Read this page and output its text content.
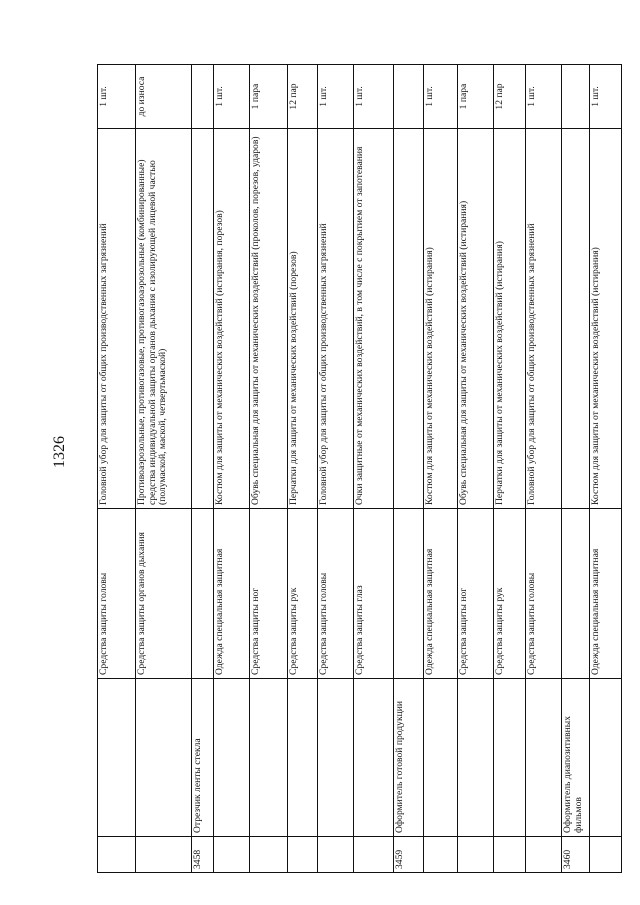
1326
		Средства защиты головы	Головной убор для защиты от общих производственных загрязнений	1 шт.
		Средства защиты органов дыхания	Противоаэрозольные, противогазовые, противогазоаэрозольные (комбинированные) средства индивидуальной защиты органов дыхания с изолирующей лицевой частью (полумаской, маской, четвертьмаской)	до износа
3458	Отрезчик ленты стекла			
		Одежда специальная защитная	Костюм для защиты от механических воздействий (истирания, порезов)	1 шт.
		Средства защиты ног	Обувь специальная для защиты от механических воздействий (проколов, порезов, ударов)	1 пара
		Средства защиты рук	Перчатки для защиты от механических воздействий (порезов)	12 пар
		Средства защиты головы	Головной убор для защиты от общих производственных загрязнений	1 шт.
		Средства защиты глаз	Очки защитные от механических воздействий, в том числе с покрытием от запотевания	1 шт.
3459	Оформитель готовой продукции			
		Одежда специальная защитная	Костюм для защиты от механических воздействий (истирания)	1 шт.
		Средства защиты ног	Обувь специальная для защиты от механических воздействий (истирания)	1 пара
		Средства защиты рук	Перчатки для защиты от механических воздействий (истирания)	12 пар
		Средства защиты головы	Головной убор для защиты от общих производственных загрязнений	1 шт.
3460	Оформитель диапозитивных фильмов			
		Одежда специальная защитная	Костюм для защиты от механических воздействий (истирания)	1 шт.
